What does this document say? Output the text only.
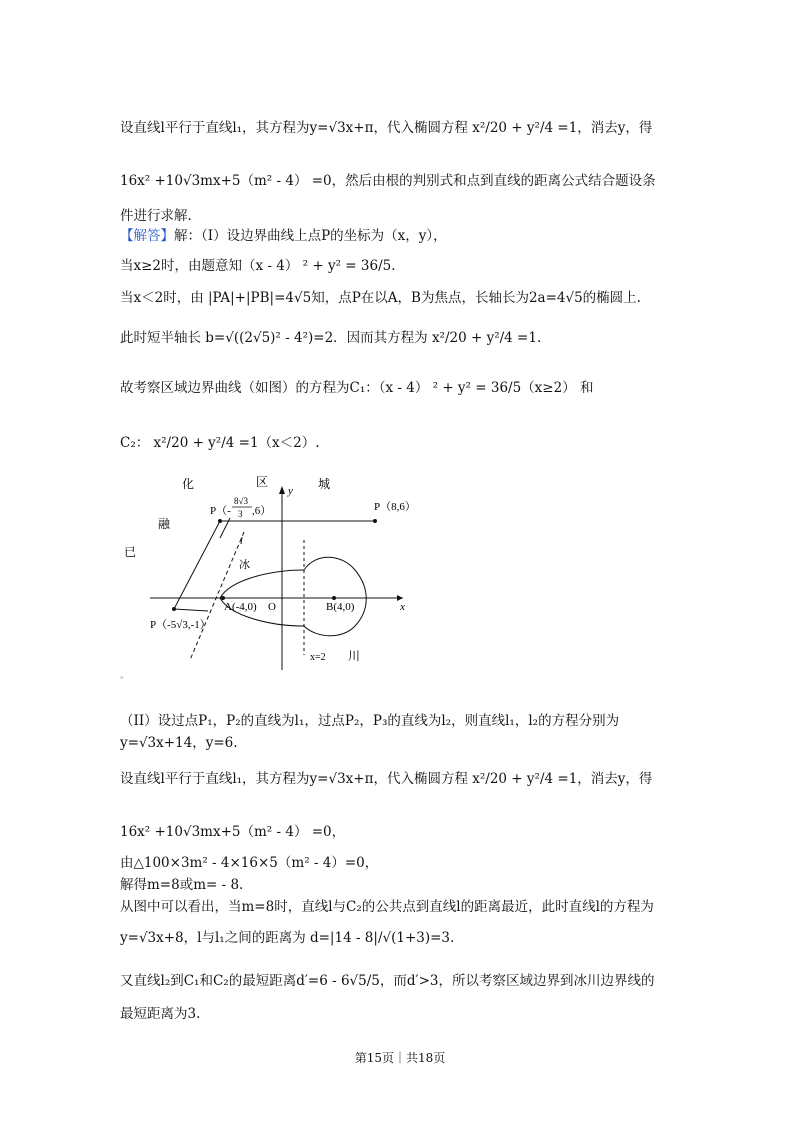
设直线l平行于直线l₁，其方程为y=√3x+π，代入椭圆方程 x²/20 + y²/4 =1，消去y，得
16x² +10√3mx+5（m² - 4） =0，然后由根的判别式和点到直线的距离公式结合题设条
件进行求解.
【解答】解：（I）设边界曲线上点P的坐标为（x，y），
当x≥2时，由题意知（x - 4） ² + y² = 36/5.
当x＜2时，由 |PA|+|PB|=4√5知，点P在以A，B为焦点，长轴长为2a=4√5的椭圆上.
此时短半轴长 b=√((2√5)² - 4²)=2．因而其方程为 x²/20 + y²/4 =1.
故考察区域边界曲线（如图）的方程为C₁：（x - 4） ² + y² = 36/5（x≥2） 和
C₂： x²/20 + y²/4 =1（x＜2）.
化	区	城
融
已
冰
川
y
x
O
P（8,6）
P（-
8√3
3 ,6）
P（-5√3,-1）
A(-4,0)	B(4,0)
x=2
l
"
（II）设过点P₁，P₂的直线为l₁，过点P₂，P₃的直线为l₂，则直线l₁，l₂的方程分别为
y=√3x+14，y=6.
设直线l平行于直线l₁，其方程为y=√3x+π，代入椭圆方程 x²/20 + y²/4 =1，消去y，得
16x² +10√3mx+5（m² - 4） =0，
由△100×3m² - 4×16×5（m² - 4）=0，
解得m=8或m= - 8.
从图中可以看出，当m=8时，直线l与C₂的公共点到直线l的距离最近，此时直线l的方程为
y=√3x+8，l与l₁之间的距离为 d=|14 - 8|/√(1+3)=3.
又直线l₂到C₁和C₂的最短距离d′=6 - 6√5/5，而d′>3，所以考察区域边界到冰川边界线的
最短距离为3.
第15页｜共18页
